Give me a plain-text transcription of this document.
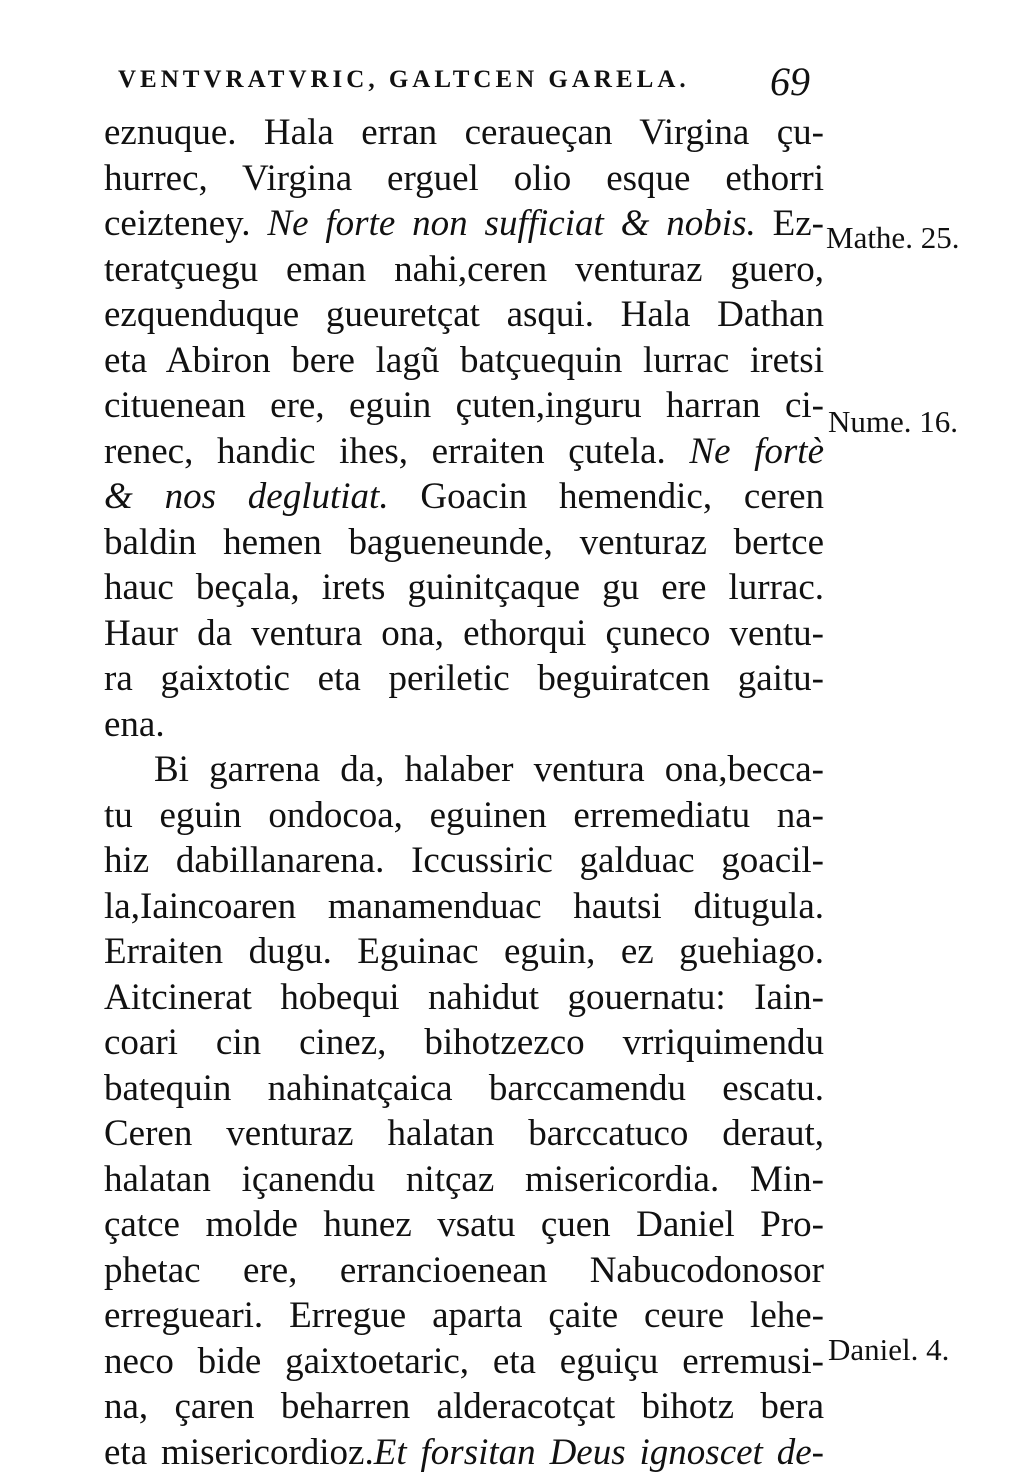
VENTVRATVRIC, GALTCEN GARELA. 69
eznuque. Hala erran ceraueçan Virgina çu-
hurrec, Virgina erguel olio esque ethorri
ceizteney. Ne forte non sufficiat & nobis. Ez-
teratçuegu eman nahi,ceren venturaz guero,
ezquenduque gueuretçat asqui. Hala Dathan
eta Abiron bere lagũ batçuequin lurrac iretsi
cituenean ere, eguin çuten,inguru harran ci-
renec, handic ihes, erraiten çutela. Ne fortè
& nos deglutiat. Goacin hemendic, ceren
baldin hemen bagueneunde, venturaz bertce
hauc beçala, irets guinitçaque gu ere lurrac.
Haur da ventura ona, ethorqui çuneco ventu-
ra gaixtotic eta periletic beguiratcen gaitu-
ena.
Bi garrena da, halaber ventura ona,becca-
tu eguin ondocoa, eguinen erremediatu na-
hiz dabillanarena. Iccussiric galduac goacil-
la,Iaincoaren manamenduac hautsi ditugula.
Erraiten dugu. Eguinac eguin, ez guehiago.
Aitcinerat hobequi nahidut gouernatu: Iain-
coari cin cinez, bihotzezco vrriquimendu
batequin nahinatçaica barccamendu escatu.
Ceren venturaz halatan barccatuco deraut,
halatan içanendu nitçaz misericordia. Min-
çatce molde hunez vsatu çuen Daniel Pro-
phetac ere, errancioenean Nabucodonosor
erregueari. Erregue aparta çaite ceure lehe-
neco bide gaixtoetaric, eta eguiçu erremusi-
na, çaren beharren alderacotçat bihotz bera
eta misericordioz.Et forsitan Deus ignoscet de-
Mathe. 25.
Nume. 16.
Daniel. 4.
